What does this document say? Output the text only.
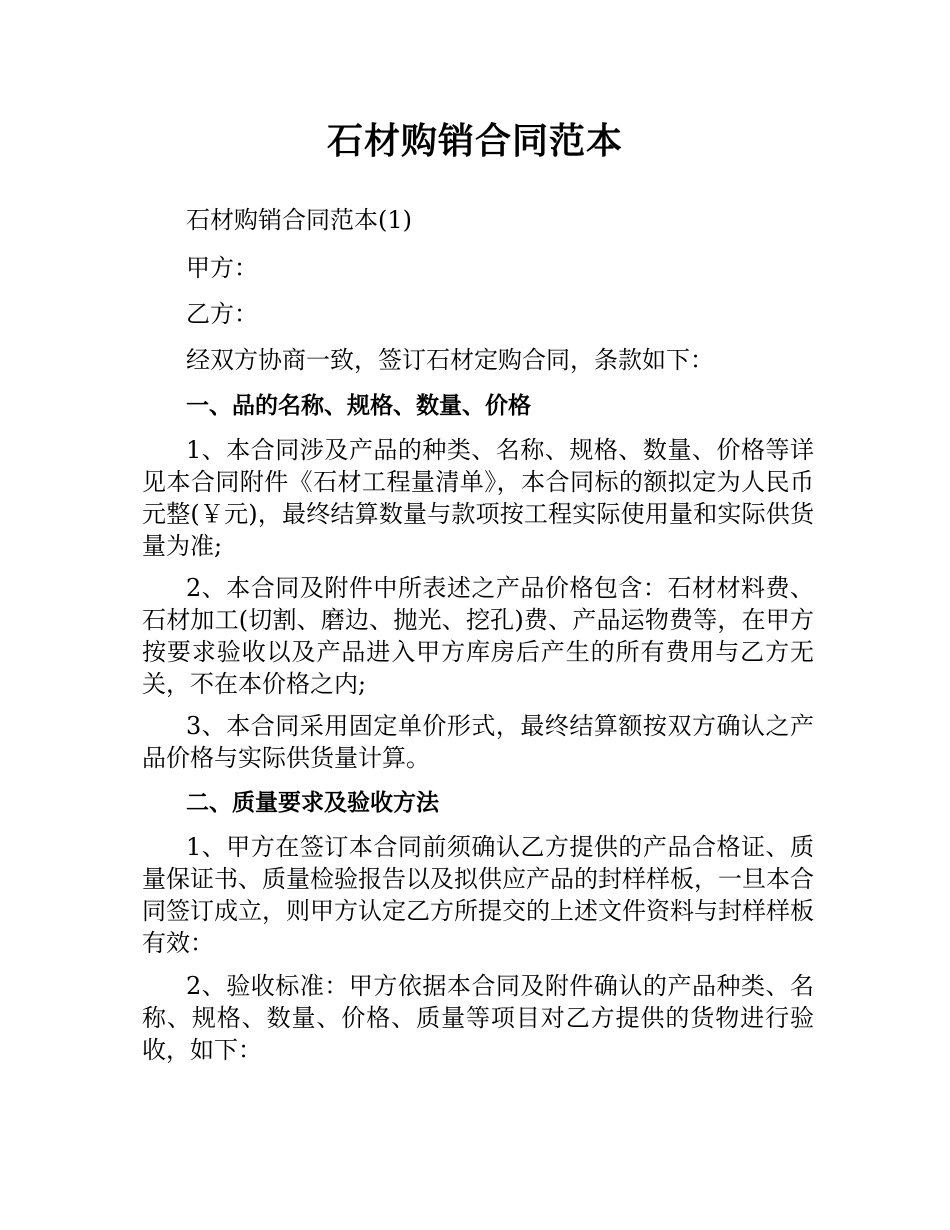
石材购销合同范本
石材购销合同范本(1)
甲方：
乙方：
经双方协商一致，签订石材定购合同，条款如下：
一、品的名称、规格、数量、价格

1、本合同涉及产品的种类、名称、规格、数量、价格等详见本合同附件《石材工程量清单》，本合同标的额拟定为人民币元整(￥元)，最终结算数量与款项按工程实际使用量和实际供货量为准;

2、本合同及附件中所表述之产品价格包含：石材材料费、石材加工(切割、磨边、抛光、挖孔)费、产品运物费等，在甲方按要求验收以及产品进入甲方库房后产生的所有费用与乙方无关，不在本价格之内;

3、本合同采用固定单价形式，最终结算额按双方确认之产品价格与实际供货量计算。

二、质量要求及验收方法

1、甲方在签订本合同前须确认乙方提供的产品合格证、质量保证书、质量检验报告以及拟供应产品的封样样板，一旦本合同签订成立，则甲方认定乙方所提交的上述文件资料与封样样板有效：

2、验收标准：甲方依据本合同及附件确认的产品种类、名称、规格、数量、价格、质量等项目对乙方提供的货物进行验收，如下：
